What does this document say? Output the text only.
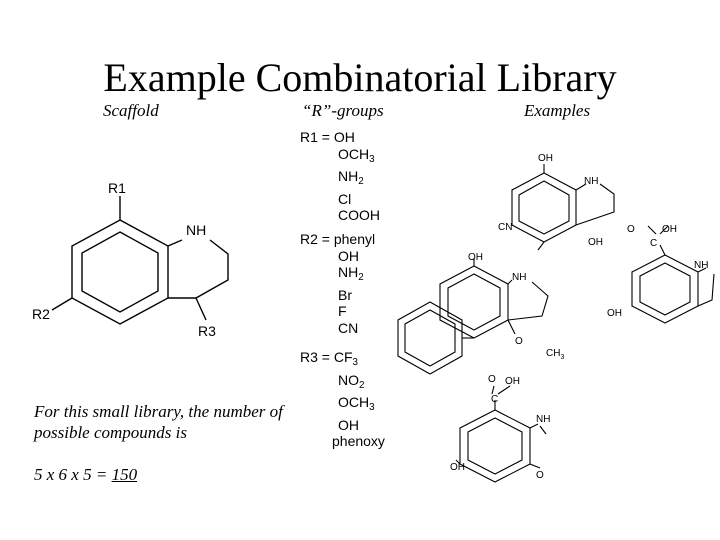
Example Combinatorial Library
Scaffold	“R”-groups	Examples
R1
NH
R2
R3
R1 = OH
$OCH_3$
$NH_2$
Cl
COOH
R2 = phenyl
OH
$NH_2$
Br
F
CN
$R3 = CF_3$
$NO_2$
$OCH_3$
OH
phenoxy
OH
NH
CN	O	OH
C
NH
OH
OH
OH
NH
O
$CH_3$
O OH
C
NH
OH
O
For this small library, the number of possible compounds is
5 x 6 x 5 = 150
